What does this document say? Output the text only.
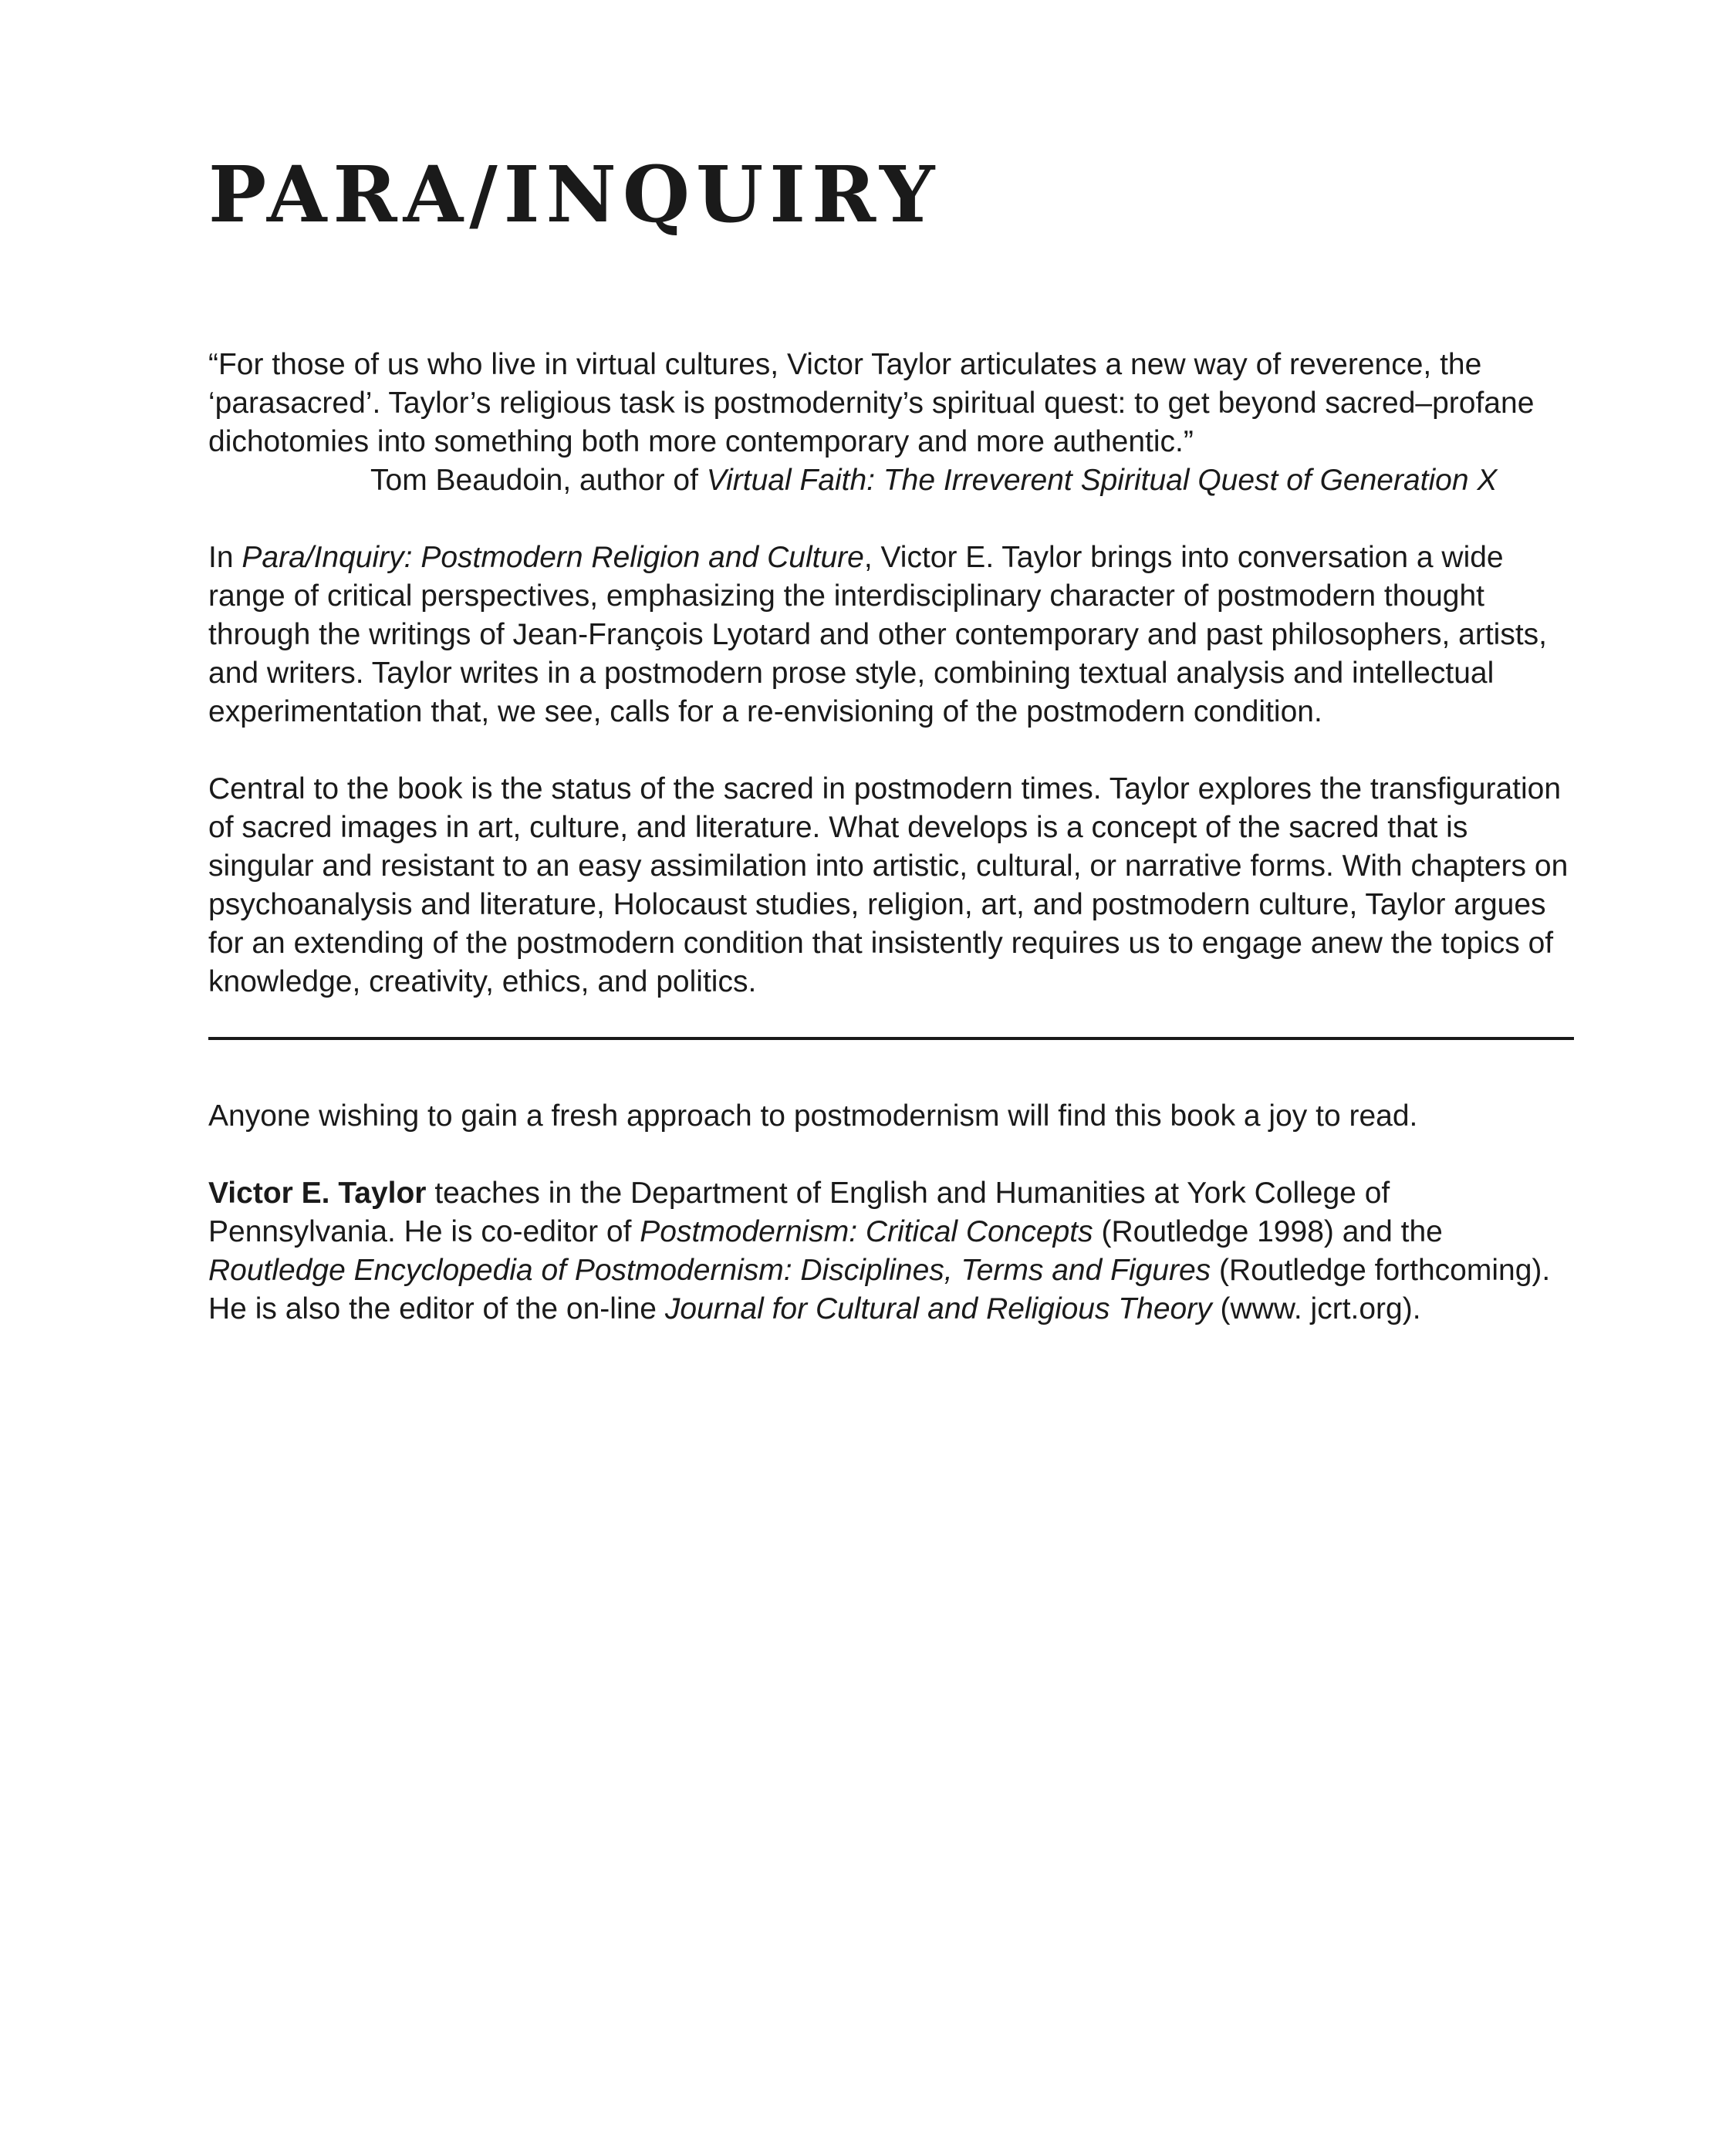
PARA/INQUIRY

“For those of us who live in virtual cultures, Victor Taylor articulates a new way of reverence, the ‘parasacred’. Taylor’s religious task is postmodernity’s spiritual quest: to get beyond sacred–profane dichotomies into something both more contemporary and more authentic.”

Tom Beaudoin, author of Virtual Faith: The Irreverent Spiritual Quest of Generation X

In Para/Inquiry: Postmodern Religion and Culture, Victor E. Taylor brings into conversation a wide range of critical perspectives, emphasizing the interdisciplinary character of postmodern thought through the writings of Jean-François Lyotard and other contemporary and past philosophers, artists, and writers. Taylor writes in a postmodern prose style, combining textual analysis and intellectual experimentation that, we see, calls for a re-envisioning of the postmodern condition.

Central to the book is the status of the sacred in postmodern times. Taylor explores the transfiguration of sacred images in art, culture, and literature. What develops is a concept of the sacred that is singular and resistant to an easy assimilation into artistic, cultural, or narrative forms. With chapters on psychoanalysis and literature, Holocaust studies, religion, art, and postmodern culture, Taylor argues for an extending of the postmodern condition that insistently requires us to engage anew the topics of knowledge, creativity, ethics, and politics.

Anyone wishing to gain a fresh approach to postmodernism will find this book a joy to read.

Victor E. Taylor teaches in the Department of English and Humanities at York College of Pennsylvania. He is co-editor of Postmodernism: Critical Concepts (Routledge 1998) and the Routledge Encyclopedia of Postmodernism: Disciplines, Terms and Figures (Routledge forthcoming). He is also the editor of the on-line Journal for Cultural and Religious Theory (www. jcrt.org).
